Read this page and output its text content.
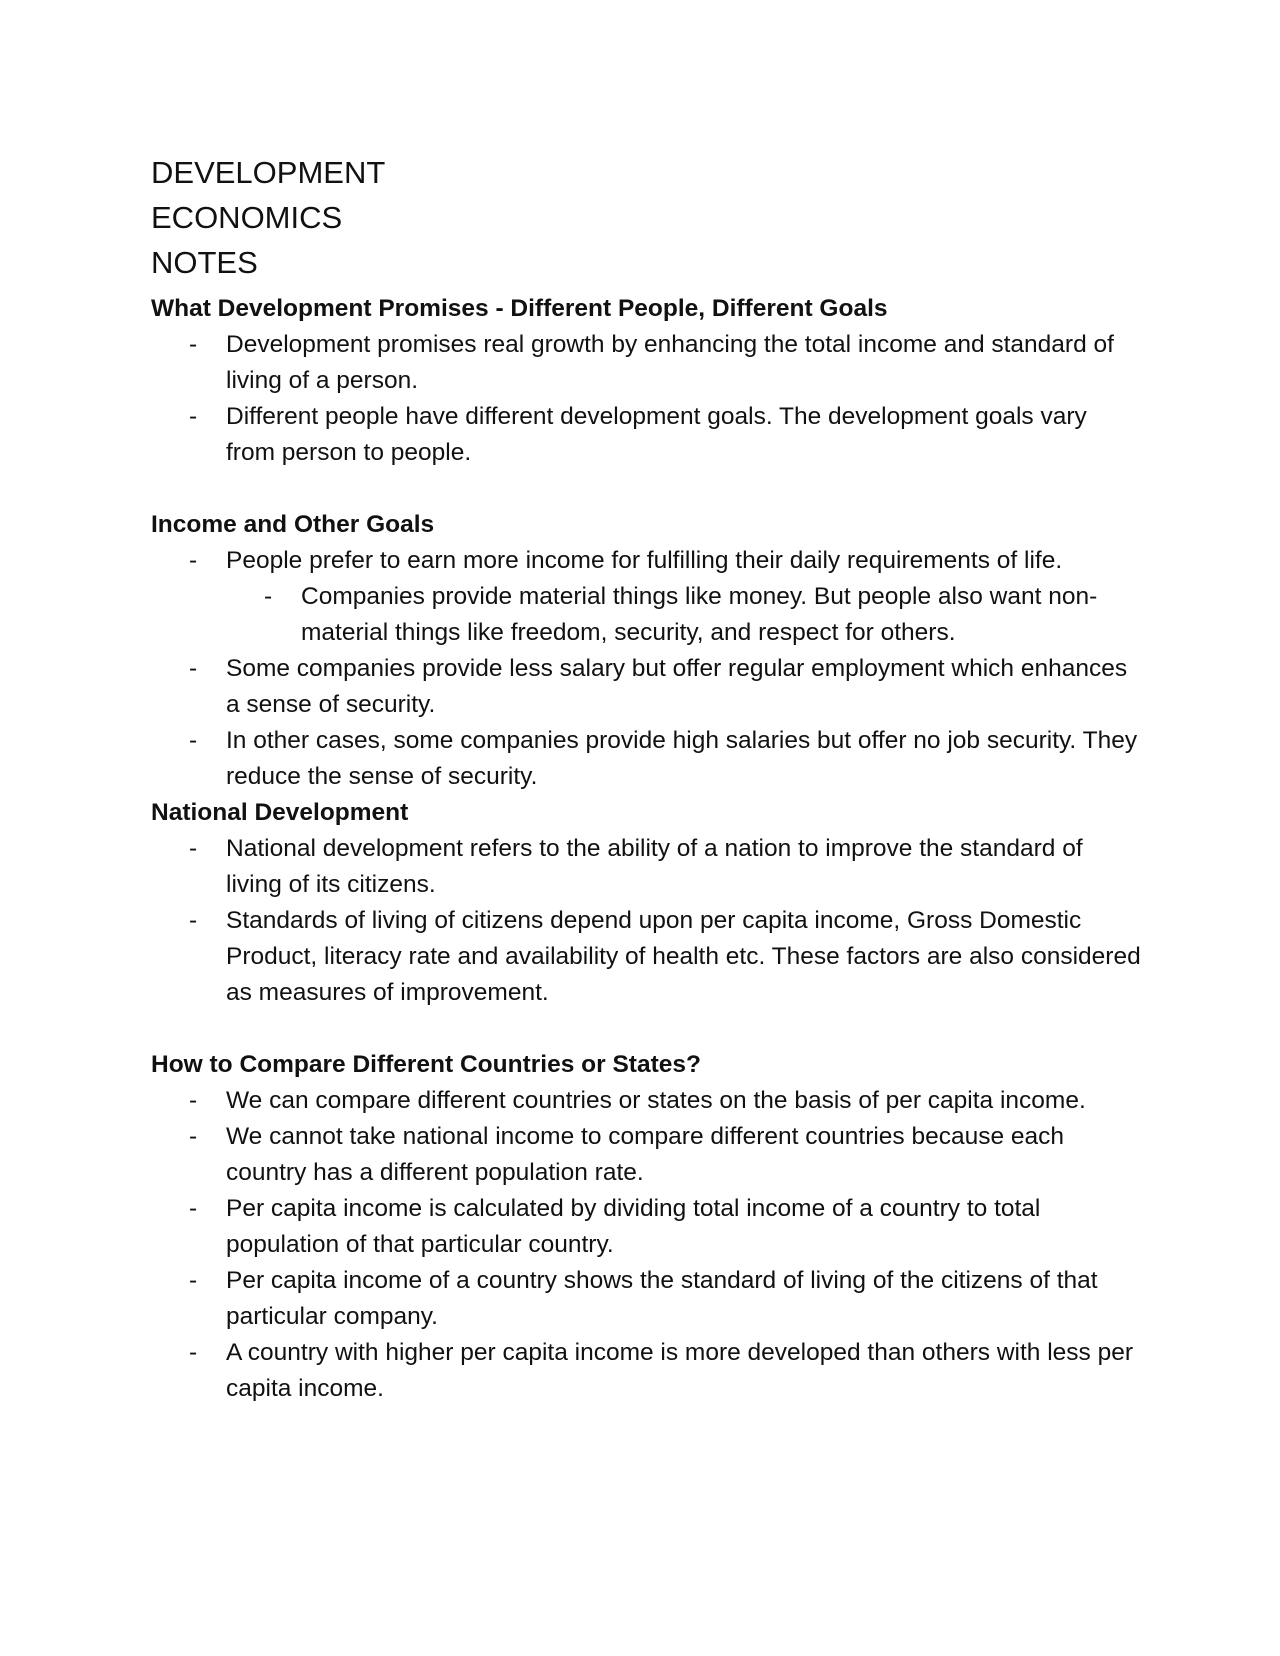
DEVELOPMENT
ECONOMICS
NOTES
What Development Promises - Different People, Different Goals
- Development promises real growth by enhancing the total income and standard of living of a person.
- Different people have different development goals. The development goals vary from person to people.
Income and Other Goals
- People prefer to earn more income for fulfilling their daily requirements of life.
- Companies provide material things like money. But people also want non-material things like freedom, security, and respect for others.
- Some companies provide less salary but offer regular employment which enhances a sense of security.
- In other cases, some companies provide high salaries but offer no job security. They reduce the sense of security.
National Development
- National development refers to the ability of a nation to improve the standard of living of its citizens.
- Standards of living of citizens depend upon per capita income, Gross Domestic Product, literacy rate and availability of health etc. These factors are also considered as measures of improvement.
How to Compare Different Countries or States?
- We can compare different countries or states on the basis of per capita income.
- We cannot take national income to compare different countries because each country has a different population rate.
- Per capita income is calculated by dividing total income of a country to total population of that particular country.
- Per capita income of a country shows the standard of living of the citizens of that particular company.
- A country with higher per capita income is more developed than others with less per capita income.
